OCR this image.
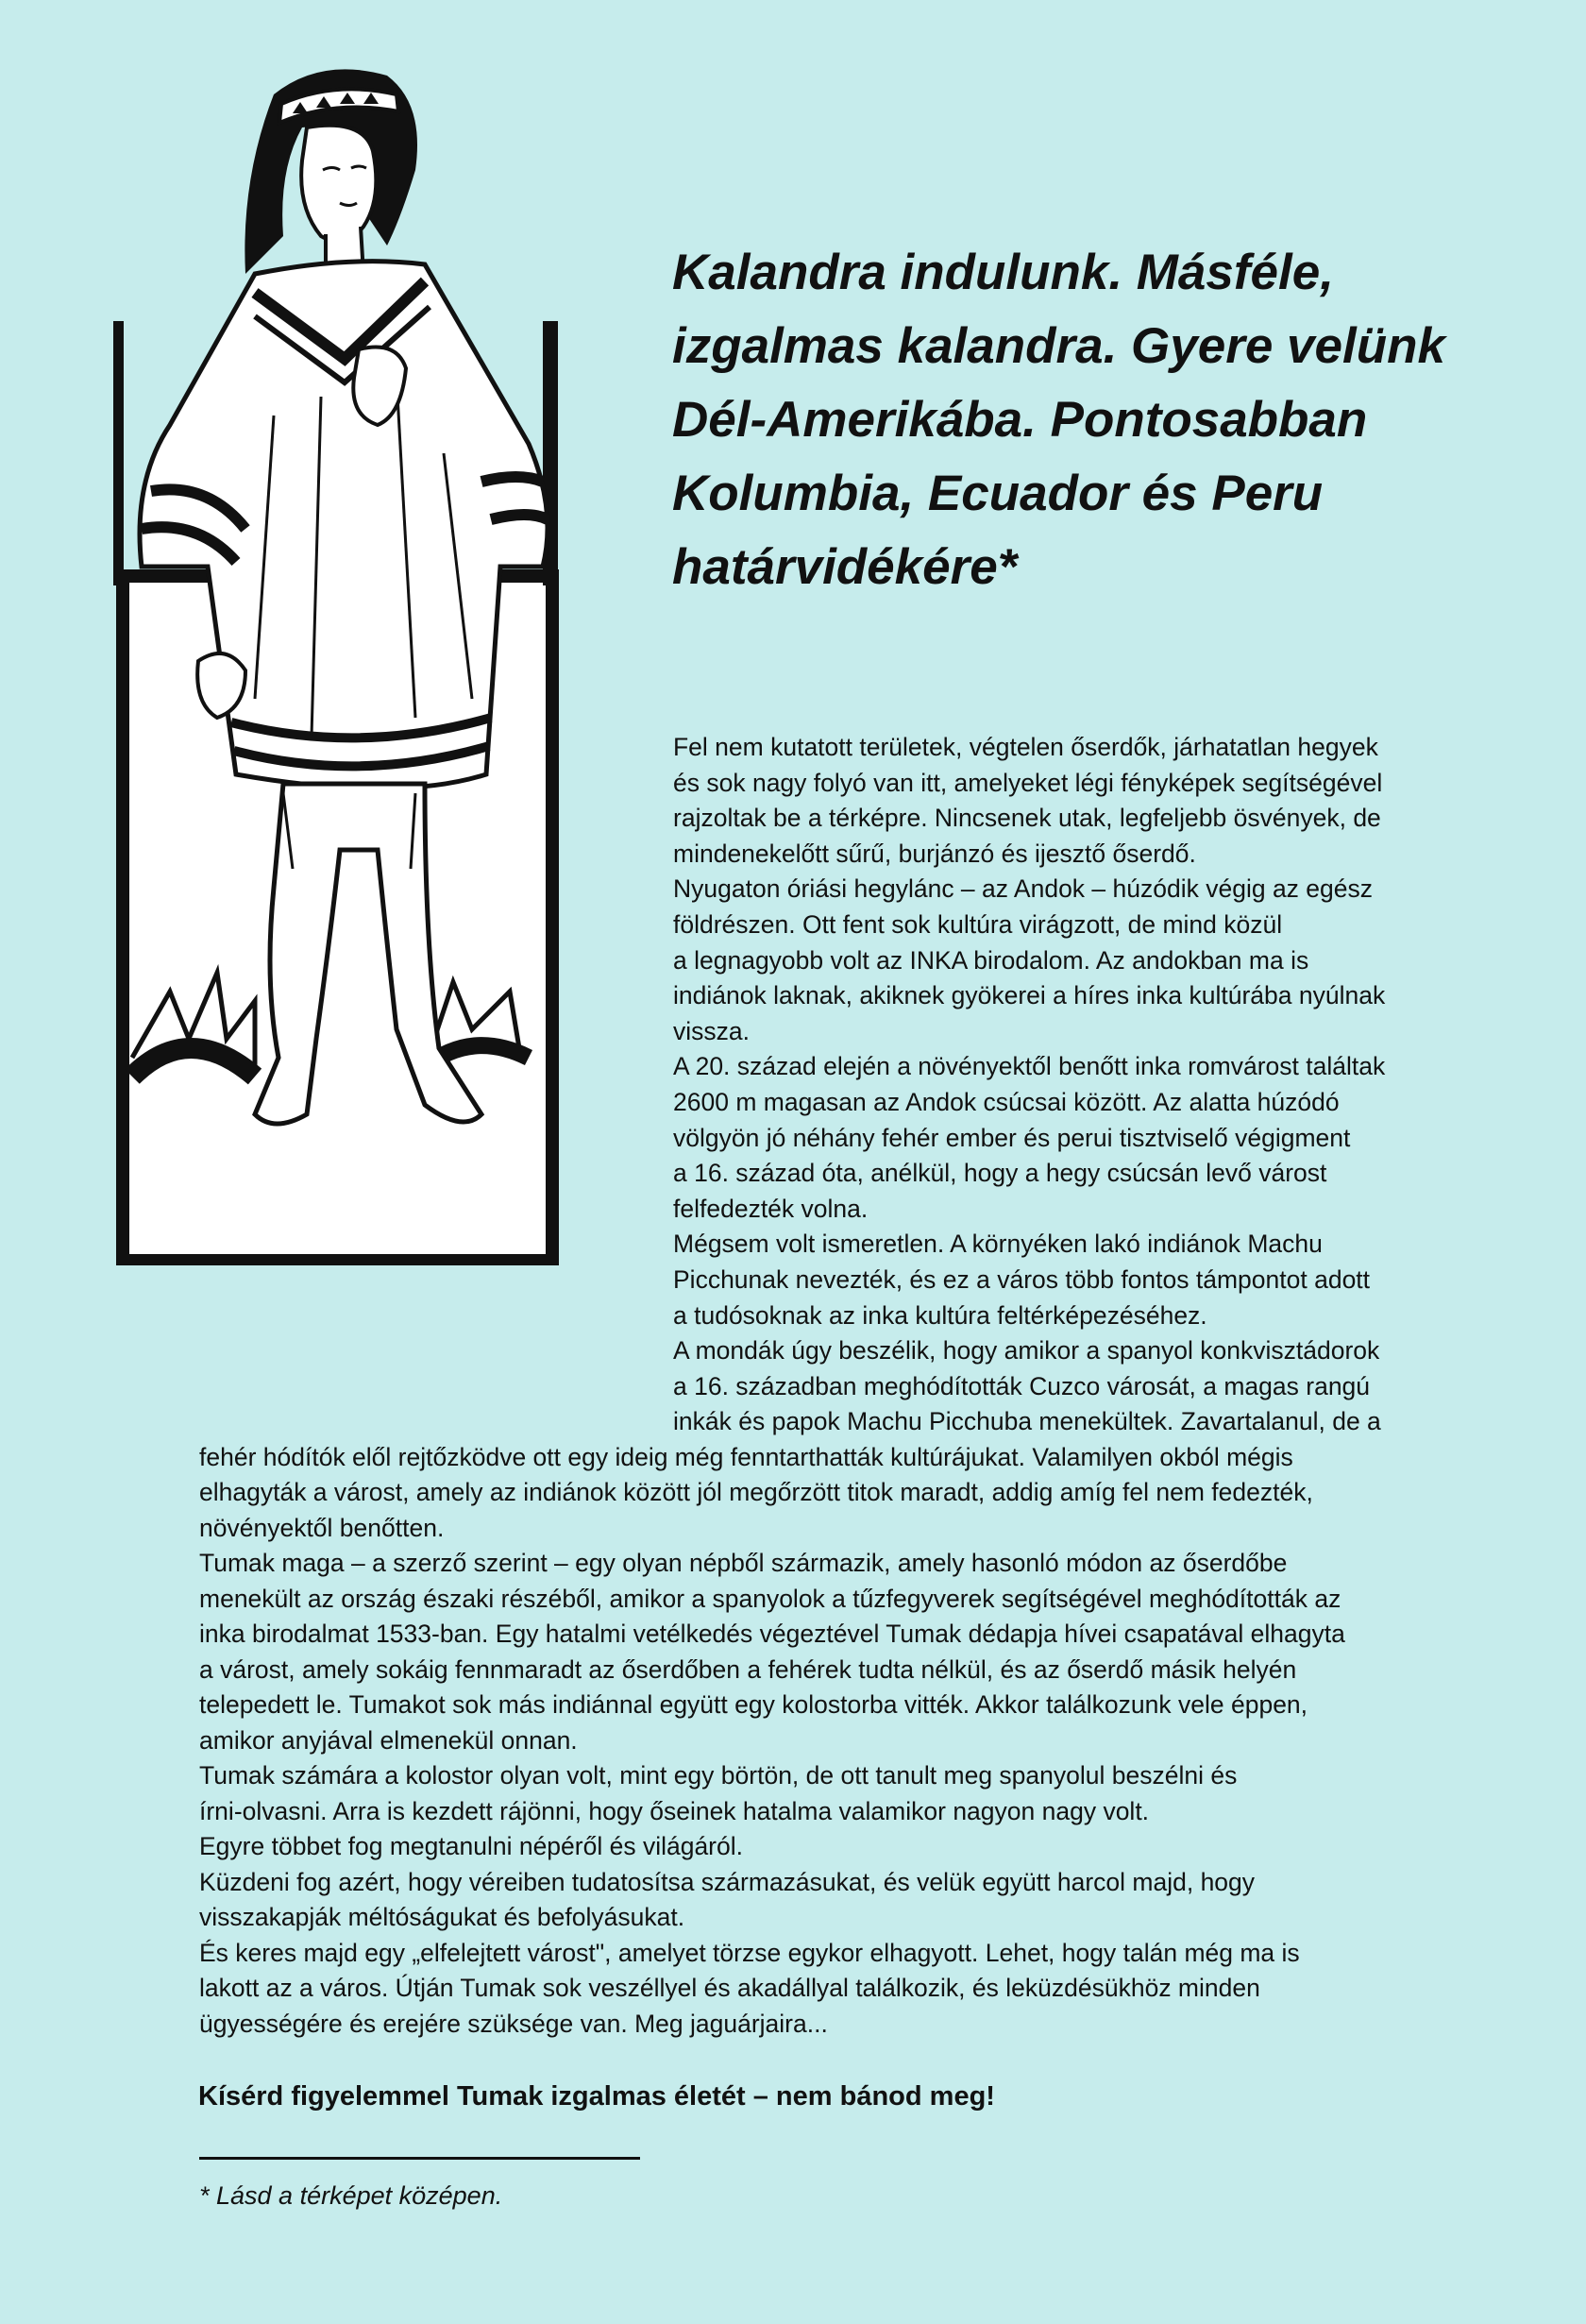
Kalandra indulunk. Másféle,
izgalmas kalandra. Gyere velünk
Dél-Amerikába. Pontosabban
Kolumbia, Ecuador és Peru
határvidékére*
Fel nem kutatott területek, végtelen őserdők, járhatatlan hegyek
és sok nagy folyó van itt, amelyeket légi fényképek segítségével
rajzoltak be a térképre. Nincsenek utak, legfeljebb ösvények, de
mindenekelőtt sűrű, burjánzó és ijesztő őserdő.
Nyugaton óriási hegylánc – az Andok – húzódik végig az egész
földrészen. Ott fent sok kultúra virágzott, de mind közül
a legnagyobb volt az INKA birodalom. Az andokban ma is
indiánok laknak, akiknek gyökerei a híres inka kultúrába nyúlnak
vissza.
A 20. század elején a növényektől benőtt inka romvárost találtak
2600 m magasan az Andok csúcsai között. Az alatta húzódó
völgyön jó néhány fehér ember és perui tisztviselő végigment
a 16. század óta, anélkül, hogy a hegy csúcsán levő várost
felfedezték volna.
Mégsem volt ismeretlen. A környéken lakó indiánok Machu
Picchunak nevezték, és ez a város több fontos támpontot adott
a tudósoknak az inka kultúra feltérképezéséhez.
A mondák úgy beszélik, hogy amikor a spanyol konkvisztádorok
a 16. században meghódították Cuzco városát, a magas rangú
inkák és papok Machu Picchuba menekültek. Zavartalanul, de a
fehér hódítók elől rejtőzködve ott egy ideig még fenntarthatták kultúrájukat. Valamilyen okból mégis
elhagyták a várost, amely az indiánok között jól megőrzött titok maradt, addig amíg fel nem fedezték,
növényektől benőtten.
Tumak maga – a szerző szerint – egy olyan népből származik, amely hasonló módon az őserdőbe
menekült az ország északi részéből, amikor a spanyolok a tűzfegyverek segítségével meghódították az
inka birodalmat 1533-ban. Egy hatalmi vetélkedés végeztével Tumak dédapja hívei csapatával elhagyta
a várost, amely sokáig fennmaradt az őserdőben a fehérek tudta nélkül, és az őserdő másik helyén
telepedett le. Tumakot sok más indiánnal együtt egy kolostorba vitték. Akkor találkozunk vele éppen,
amikor anyjával elmenekül onnan.
Tumak számára a kolostor olyan volt, mint egy börtön, de ott tanult meg spanyolul beszélni és
írni-olvasni. Arra is kezdett rájönni, hogy őseinek hatalma valamikor nagyon nagy volt.
Egyre többet fog megtanulni népéről és világáról.
Küzdeni fog azért, hogy véreiben tudatosítsa származásukat, és velük együtt harcol majd, hogy
visszakapják méltóságukat és befolyásukat.
És keres majd egy „elfelejtett várost", amelyet törzse egykor elhagyott. Lehet, hogy talán még ma is
lakott az a város. Útján Tumak sok veszéllyel és akadállyal találkozik, és leküzdésükhöz minden
ügyességére és erejére szüksége van. Meg jaguárjaira...
Kísérd figyelemmel Tumak izgalmas életét – nem bánod meg!
* Lásd a térképet középen.
